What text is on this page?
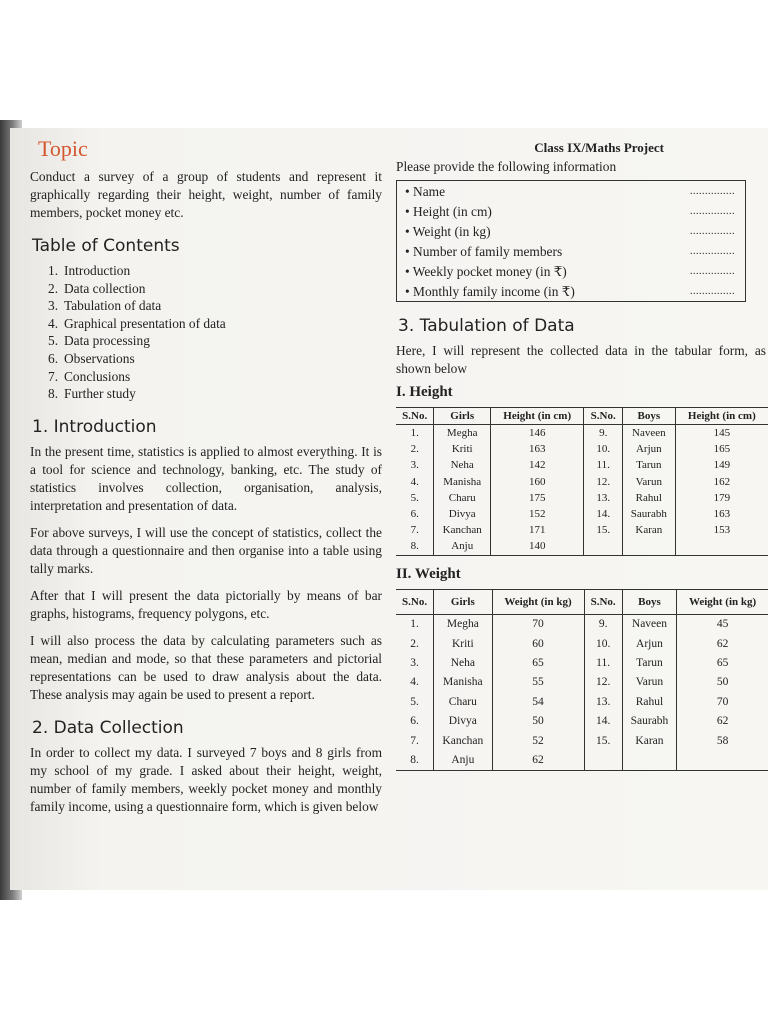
Topic

Conduct a survey of a group of students and represent it graphically regarding their height, weight, number of family members, pocket money etc.

Table of Contents
1. Introduction
2. Data collection
3. Tabulation of data
4. Graphical presentation of data
5. Data processing
6. Observations
7. Conclusions
8. Further study
1. Introduction

In the present time, statistics is applied to almost everything. It is a tool for science and technology, banking, etc. The study of statistics involves collection, organisation, analysis, interpretation and presentation of data.

For above surveys, I will use the concept of statistics, collect the data through a questionnaire and then organise into a table using tally marks.

After that I will present the data pictorially by means of bar graphs, histograms, frequency polygons, etc.

I will also process the data by calculating parameters such as mean, median and mode, so that these parameters and pictorial representations can be used to draw analysis about the data. These analysis may again be used to present a report.

2. Data Collection

In order to collect my data. I surveyed 7 boys and 8 girls from my school of my grade. I asked about their height, weight, number of family members, weekly pocket money and monthly family income, using a questionnaire form, which is given below

Class IX/Maths Project

Please provide the following information

• Name	...............
• Height (in cm)	...............
• Weight (in kg)	...............
• Number of family members	...............
• Weekly pocket money (in ₹)	...............
• Monthly family income (in ₹)	...............
3. Tabulation of Data

Here, I will represent the collected data in the tabular form, as shown below

I. Height
S.No.	Girls	Height (in cm)	S.No.	Boys	Height (in cm)
1.	Megha	146	9.	Naveen	145
2.	Kriti	163	10.	Arjun	165
3.	Neha	142	11.	Tarun	149
4.	Manisha	160	12.	Varun	162
5.	Charu	175	13.	Rahul	179
6.	Divya	152	14.	Saurabh	163
7.	Kanchan	171	15.	Karan	153
8.	Anju	140			
II. Weight
S.No.	Girls	Weight (in kg)	S.No.	Boys	Weight (in kg)
1.	Megha	70	9.	Naveen	45
2.	Kriti	60	10.	Arjun	62
3.	Neha	65	11.	Tarun	65
4.	Manisha	55	12.	Varun	50
5.	Charu	54	13.	Rahul	70
6.	Divya	50	14.	Saurabh	62
7.	Kanchan	52	15.	Karan	58
8.	Anju	62			
